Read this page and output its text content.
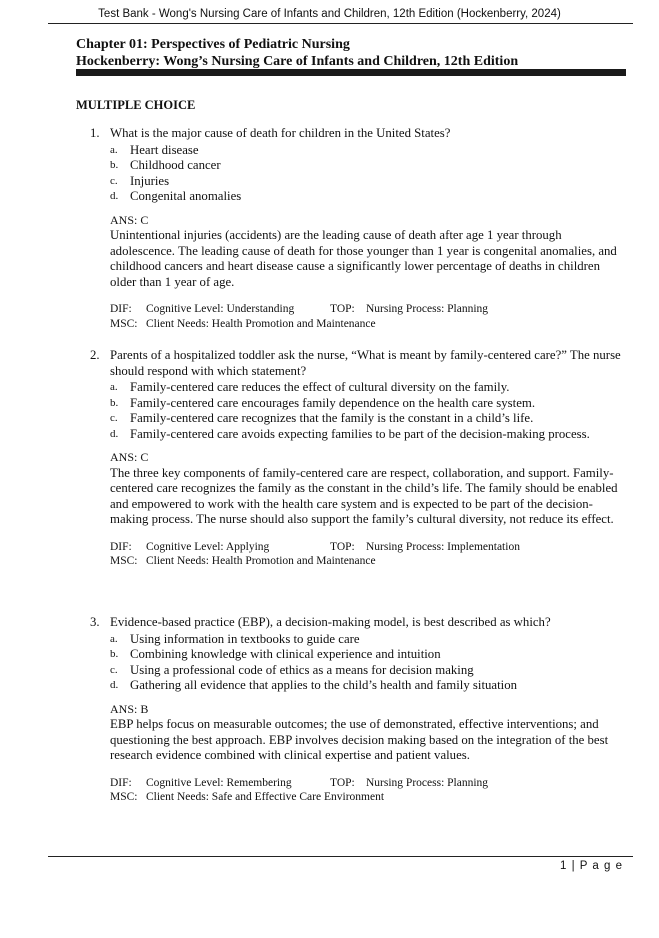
Test Bank - Wong's Nursing Care of Infants and Children, 12th Edition (Hockenberry, 2024)
Chapter 01: Perspectives of Pediatric Nursing
Hockenberry: Wong’s Nursing Care of Infants and Children, 12th Edition
MULTIPLE CHOICE
1. What is the major cause of death for children in the United States?
a. Heart disease
b. Childhood cancer
c. Injuries
d. Congenital anomalies
ANS: C
Unintentional injuries (accidents) are the leading cause of death after age 1 year through adolescence. The leading cause of death for those younger than 1 year is congenital anomalies, and childhood cancers and heart disease cause a significantly lower percentage of deaths in children older than 1 year of age.
DIF:	Cognitive Level: Understanding	TOP: Nursing Process: Planning
MSC: Client Needs: Health Promotion and Maintenance
2. Parents of a hospitalized toddler ask the nurse, “What is meant by family-centered care?” The nurse should respond with which statement?
a. Family-centered care reduces the effect of cultural diversity on the family.
b. Family-centered care encourages family dependence on the health care system.
c. Family-centered care recognizes that the family is the constant in a child’s life.
d. Family-centered care avoids expecting families to be part of the decision-making process.
ANS: C
The three key components of family-centered care are respect, collaboration, and support. Family-centered care recognizes the family as the constant in the child’s life. The family should be enabled and empowered to work with the health care system and is expected to be part of the decision-making process. The nurse should also support the family’s cultural diversity, not reduce its effect.
DIF:	Cognitive Level: Applying	TOP: Nursing Process: Implementation
MSC: Client Needs: Health Promotion and Maintenance
3. Evidence-based practice (EBP), a decision-making model, is best described as which?
a. Using information in textbooks to guide care
b. Combining knowledge with clinical experience and intuition
c. Using a professional code of ethics as a means for decision making
d. Gathering all evidence that applies to the child’s health and family situation
ANS: B
EBP helps focus on measurable outcomes; the use of demonstrated, effective interventions; and questioning the best approach. EBP involves decision making based on the integration of the best research evidence combined with clinical expertise and patient values.
DIF:	Cognitive Level: Remembering	TOP: Nursing Process: Planning
MSC: Client Needs: Safe and Effective Care Environment
1 | P a g e
